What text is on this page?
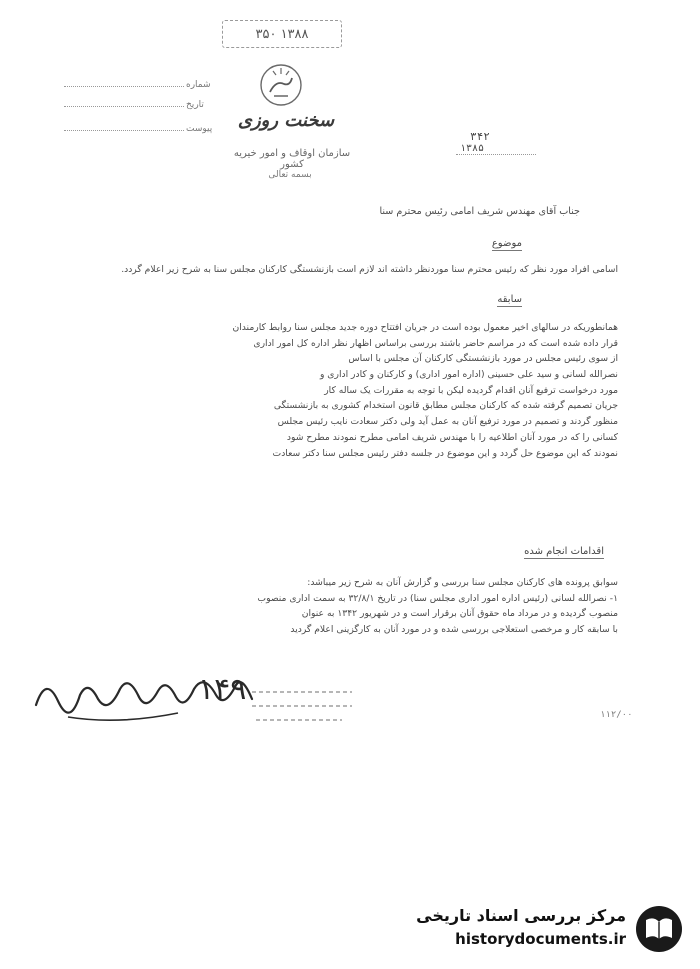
۳۵۰ ۱۳۸۸
سخنت روزی
سازمان اوقاف و امور خیریه کشور
بسمه تعالی
شماره
تاریخ
پیوست
۳۴۲
۱۳۸۵
جناب آقای مهندس شریف امامی رئیس محترم سنا
موضوع
اسامی افراد مورد نظر که رئیس محترم سنا موردنظر داشته اند لازم است بازنشستگی کارکنان مجلس سنا به شرح زیر اعلام گردد.
سابقه
همانطوریکه در سالهای اخیر معمول بوده است در جریان افتتاح دوره جدید مجلس سنا روابط کارمندان
قرار داده شده است که در مراسم حاضر باشند بررسی براساس اظهار نظر اداره کل امور اداری
از سوی رئیس مجلس در مورد بازنشستگی کارکنان آن مجلس با اساس
نصرالله لسانی و سید علی حسینی (اداره امور اداری) و کارکنان و کادر اداری و
مورد درخواست ترفیع آنان اقدام گردیده لیکن با توجه به مقررات یک ساله کار
جریان تصمیم گرفته شده که کارکنان مجلس مطابق قانون استخدام کشوری به بازنشستگی
منظور گردند و تصمیم در مورد ترفیع آنان به عمل آید ولی دکتر سعادت نایب رئیس مجلس
کسانی را که در مورد آنان اطلاعیه را با مهندس شریف امامی مطرح نمودند مطرح شود
نمودند که این موضوع حل گردد و این موضوع در جلسه دفتر رئیس مجلس سنا دکتر سعادت
اقدامات انجام شده
سوابق پرونده های کارکنان مجلس سنا بررسی و گزارش آنان به شرح زیر میباشد:
۱- نصرالله لسانی (رئیس اداره امور اداری مجلس سنا) در تاریخ ۳۲/۸/۱ به سمت اداری منصوب
منصوب گردیده و در مرداد ماه حقوق آنان برقرار است و در شهریور ۱۳۴۲ به عنوان
با سابقه کار و مرخصی استعلاجی بررسی شده و در مورد آنان به کارگزینی اعلام گردید
۱۴۹
۱۱۲/۰۰
مرکز بررسی اسناد تاریخی
historydocuments.ir
